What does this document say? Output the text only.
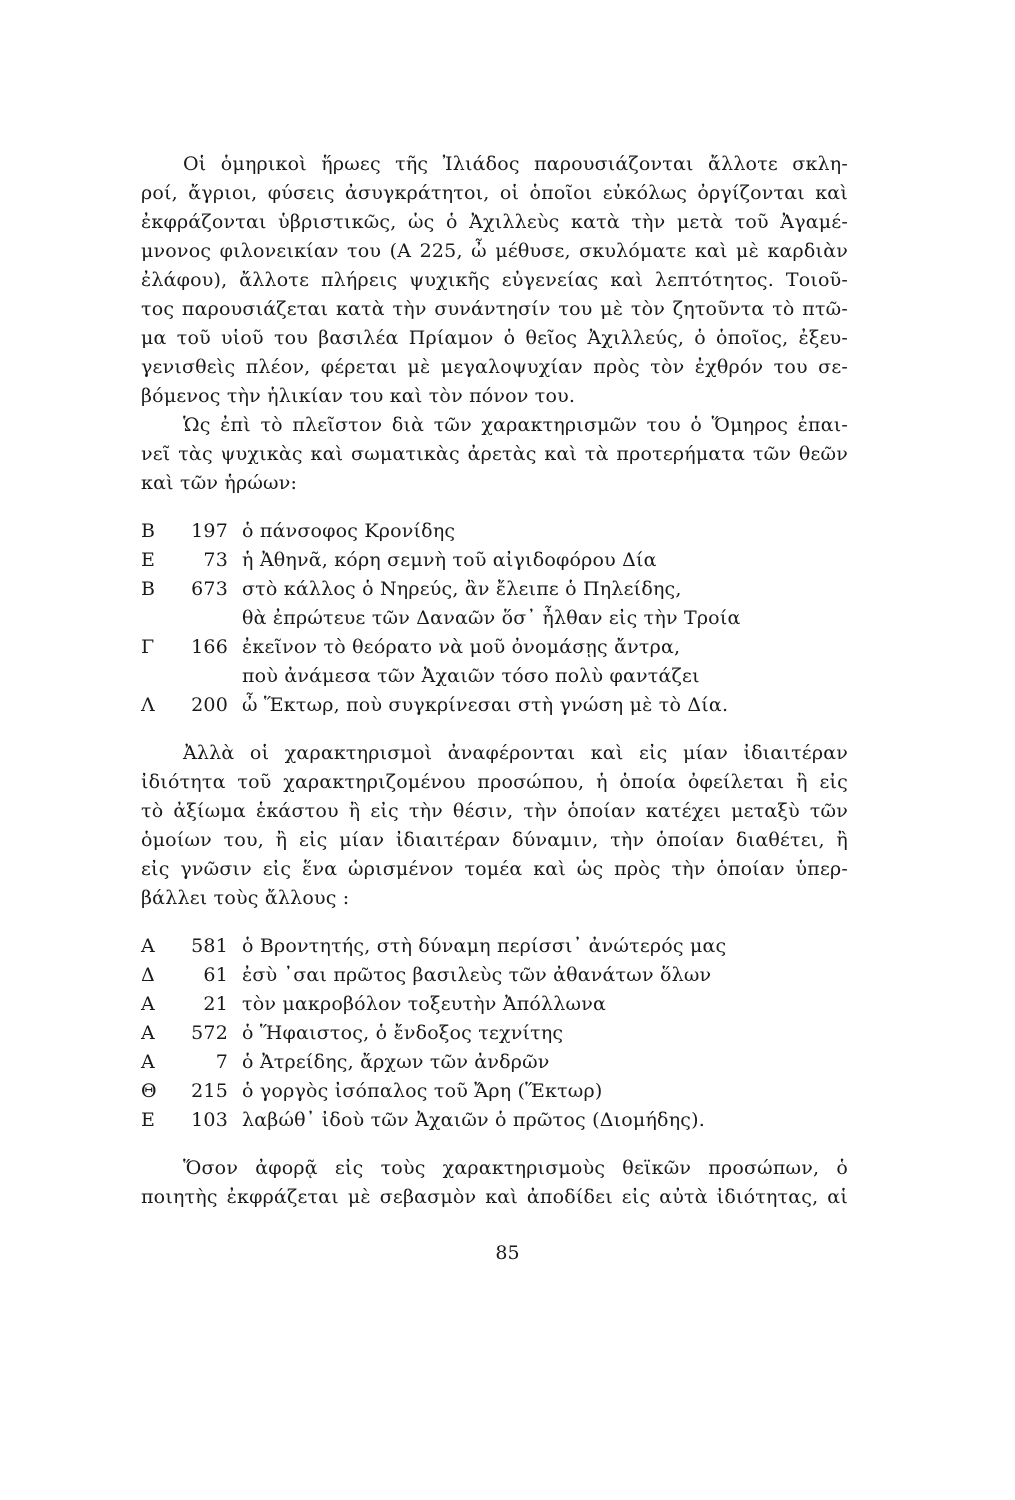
Οἱ ὁμηρικοὶ ἥρωες τῆς Ἰλιάδος παρουσιάζονται ἄλλοτε σκλη-
ροί, ἄγριοι, φύσεις ἀσυγκράτητοι, οἱ ὁποῖοι εὐκόλως ὀργίζονται καὶ
ἐκφράζονται ὑβριστικῶς, ὡς ὁ Ἀχιλλεὺς κατὰ τὴν μετὰ τοῦ Ἀγαμέ-
μνονος φιλονεικίαν του (Α 225, ὦ μέθυσε, σκυλόματε καὶ μὲ καρδιὰν
ἐλάφου), ἄλλοτε πλήρεις ψυχικῆς εὐγενείας καὶ λεπτότητος. Τοιοῦ-
τος παρουσιάζεται κατὰ τὴν συνάντησίν του μὲ τὸν ζητοῦντα τὸ πτῶ-
μα τοῦ υἱοῦ του βασιλέα Πρίαμον ὁ θεῖος Ἀχιλλεύς, ὁ ὁποῖος, ἐξευ-
γενισθεὶς πλέον, φέρεται μὲ μεγαλοψυχίαν πρὸς τὸν ἐχθρόν του σε-
βόμενος τὴν ἡλικίαν του καὶ τὸν πόνον του.
Ὡς ἐπὶ τὸ πλεῖστον διὰ τῶν χαρακτηρισμῶν του ὁ Ὅμηρος ἐπαι-
νεῖ τὰς ψυχικὰς καὶ σωματικὰς ἀρετὰς καὶ τὰ προτερήματα τῶν θεῶν
καὶ τῶν ἡρώων:
Β	197 ὁ πάνσοφος Κρονίδης
Ε	73 ἡ Ἀθηνᾶ, κόρη σεμνὴ τοῦ αἰγιδοφόρου Δία
Β	673 στὸ κάλλος ὁ Νηρεύς, ἂν ἔλειπε ὁ Πηλείδης,
θὰ ἐπρώτευε τῶν Δαναῶν ὅσ᾽ ἦλθαν εἰς τὴν Τροία
Γ	166 ἐκεῖνον τὸ θεόρατο νὰ μοῦ ὀνομάσῃς ἄντρα,
ποὺ ἀνάμεσα τῶν Ἀχαιῶν τόσο πολὺ φαντάζει
Λ	200 ὦ Ἕκτωρ, ποὺ συγκρίνεσαι στὴ γνώση μὲ τὸ Δία.
Ἀλλὰ οἱ χαρακτηρισμοὶ ἀναφέρονται καὶ εἰς μίαν ἰδιαιτέραν
ἰδιότητα τοῦ χαρακτηριζομένου προσώπου, ἡ ὁποία ὀφείλεται ἢ εἰς
τὸ ἀξίωμα ἑκάστου ἢ εἰς τὴν θέσιν, τὴν ὁποίαν κατέχει μεταξὺ τῶν
ὁμοίων του, ἢ εἰς μίαν ἰδιαιτέραν δύναμιν, τὴν ὁποίαν διαθέτει, ἢ
εἰς γνῶσιν εἰς ἕνα ὡρισμένον τομέα καὶ ὡς πρὸς τὴν ὁποίαν ὑπερ-
βάλλει τοὺς ἄλλους :
Α	581 ὁ Βροντητής, στὴ δύναμη περίσσι᾽ ἀνώτερός μας
Δ	61 ἐσὺ ᾽σαι πρῶτος βασιλεὺς τῶν ἀθανάτων ὅλων
Α	21 τὸν μακροβόλον τοξευτὴν Ἀπόλλωνα
Α	572 ὁ Ἥφαιστος, ὁ ἔνδοξος τεχνίτης
Α	7 ὁ Ἀτρείδης, ἄρχων τῶν ἀνδρῶν
Θ	215 ὁ γοργὸς ἰσόπαλος τοῦ Ἄρη (Ἕκτωρ)
Ε	103 λαβώθ᾽ ἰδοὺ τῶν Ἀχαιῶν ὁ πρῶτος (Διομήδης).
Ὅσον ἀφορᾷ εἰς τοὺς χαρακτηρισμοὺς θεϊκῶν προσώπων, ὁ
ποιητὴς ἐκφράζεται μὲ σεβασμὸν καὶ ἀποδίδει εἰς αὐτὰ ἰδιότητας, αἱ
85
